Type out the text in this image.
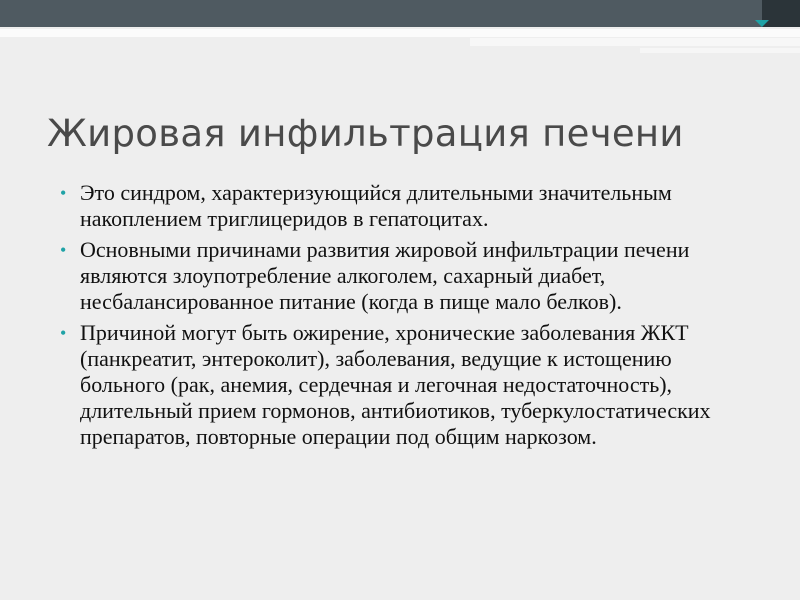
Жировая инфильтрация печени
• Это синдром, характеризующийся длительными значительным накоплением триглицеридов в гепатоцитах.
• Основными причинами развития жировой инфильтрации печени являются злоупотребление алкоголем, сахарный диабет, несбалансированное питание (когда в пище мало белков).
• Причиной могут быть ожирение, хронические заболевания ЖКТ (панкреатит, энтероколит), заболевания, ведущие к истощению больного (рак, анемия, сердечная и легочная недостаточность), длительный прием гормонов, антибиотиков, туберкулостатических препаратов, повторные операции под общим наркозом.
